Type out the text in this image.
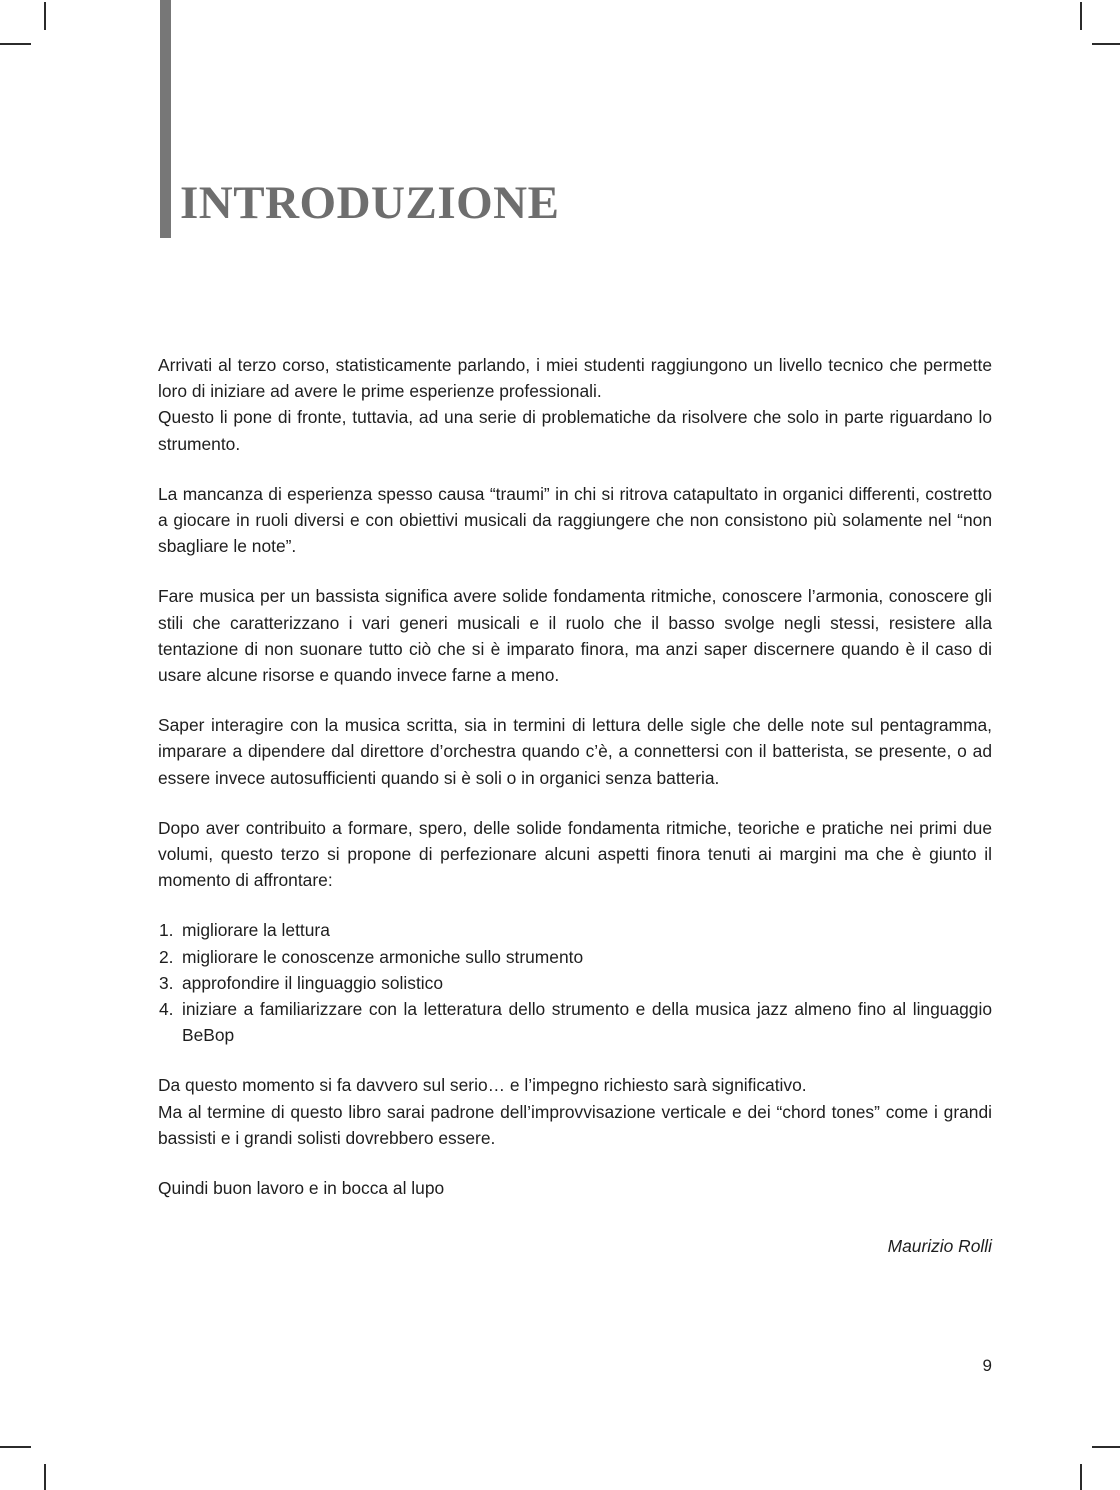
introduzione

Arrivati al terzo corso, statisticamente parlando, i miei studenti raggiungono un livello tecnico che permette loro di iniziare ad avere le prime esperienze professionali.

Questo li pone di fronte, tuttavia, ad una serie di problematiche da risolvere che solo in parte riguardano lo strumento.

La mancanza di esperienza spesso causa “traumi” in chi si ritrova catapultato in organici differenti, costretto a giocare in ruoli diversi e con obiettivi musicali da raggiungere che non consistono più solamente nel “non sbagliare le note”.

Fare musica per un bassista significa avere solide fondamenta ritmiche, conoscere l’armonia, conoscere gli stili che caratterizzano i vari generi musicali e il ruolo che il basso svolge negli stessi, resistere alla tentazione di non suonare tutto ciò che si è imparato finora, ma anzi saper discernere quando è il caso di usare alcune risorse e quando invece farne a meno.

Saper interagire con la musica scritta, sia in termini di lettura delle sigle che delle note sul pentagramma, imparare a dipendere dal direttore d’orchestra quando c’è, a connettersi con il batterista, se presente, o ad essere invece autosufficienti quando si è soli o in organici senza batteria.

Dopo aver contribuito a formare, spero, delle solide fondamenta ritmiche, teoriche e pratiche nei primi due volumi, questo terzo si propone di perfezionare alcuni aspetti finora tenuti ai margini ma che è giunto il momento di affrontare:

migliorare la lettura
migliorare le conoscenze armoniche sullo strumento
approfondire il linguaggio solistico
iniziare a familiarizzare con la letteratura dello strumento e della musica jazz almeno fino al linguaggio BeBop

Da questo momento si fa davvero sul serio… e l’impegno richiesto sarà significativo.

Ma al termine di questo libro sarai padrone dell’improvvisazione verticale e dei “chord tones” come i grandi bassisti e i grandi solisti dovrebbero essere.

Quindi buon lavoro e in bocca al lupo

Maurizio Rolli

9
